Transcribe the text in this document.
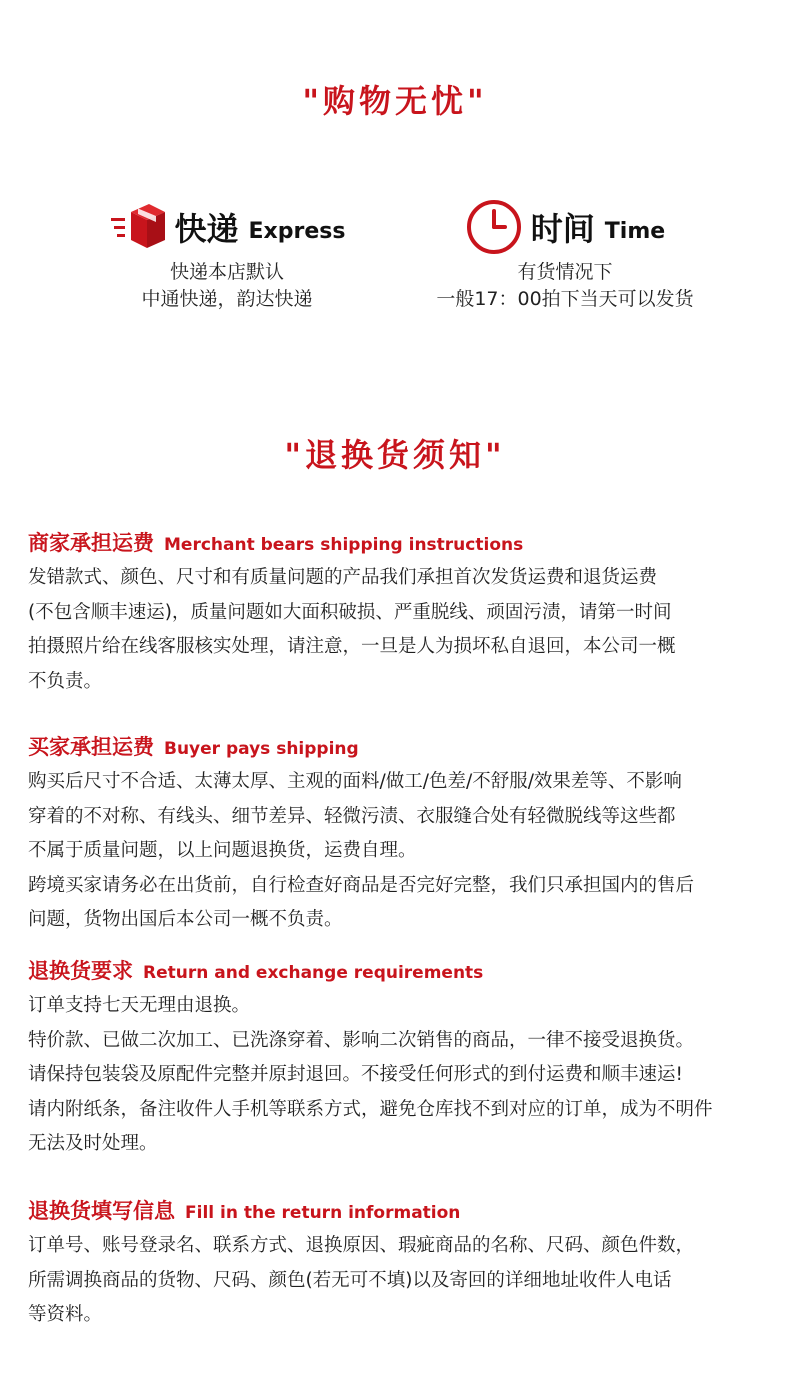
"购物无忧"
快递 Express
快递本店默认
中通快递，韵达快递
时间 Time
有货情况下
一般17：00拍下当天可以发货
"退换货须知"
商家承担运费 Merchant bears shipping instructions
发错款式、颜色、尺寸和有质量问题的产品我们承担首次发货运费和退货运费
(不包含顺丰速运)，质量问题如大面积破损、严重脱线、顽固污渍，请第一时间
拍摄照片给在线客服核实处理，请注意，一旦是人为损坏私自退回，本公司一概
不负责。
买家承担运费 Buyer pays shipping
购买后尺寸不合适、太薄太厚、主观的面料/做工/色差/不舒服/效果差等、不影响
穿着的不对称、有线头、细节差异、轻微污渍、衣服缝合处有轻微脱线等这些都
不属于质量问题，以上问题退换货，运费自理。
跨境买家请务必在出货前，自行检查好商品是否完好完整，我们只承担国内的售后
问题，货物出国后本公司一概不负责。
退换货要求 Return and exchange requirements
订单支持七天无理由退换。
特价款、已做二次加工、已洗涤穿着、影响二次销售的商品，一律不接受退换货。
请保持包装袋及原配件完整并原封退回。不接受任何形式的到付运费和顺丰速运!
请内附纸条，备注收件人手机等联系方式，避免仓库找不到对应的订单，成为不明件
无法及时处理。
退换货填写信息 Fill in the return information
订单号、账号登录名、联系方式、退换原因、瑕疵商品的名称、尺码、颜色件数，
所需调换商品的货物、尺码、颜色(若无可不填)以及寄回的详细地址收件人电话
等资料。
